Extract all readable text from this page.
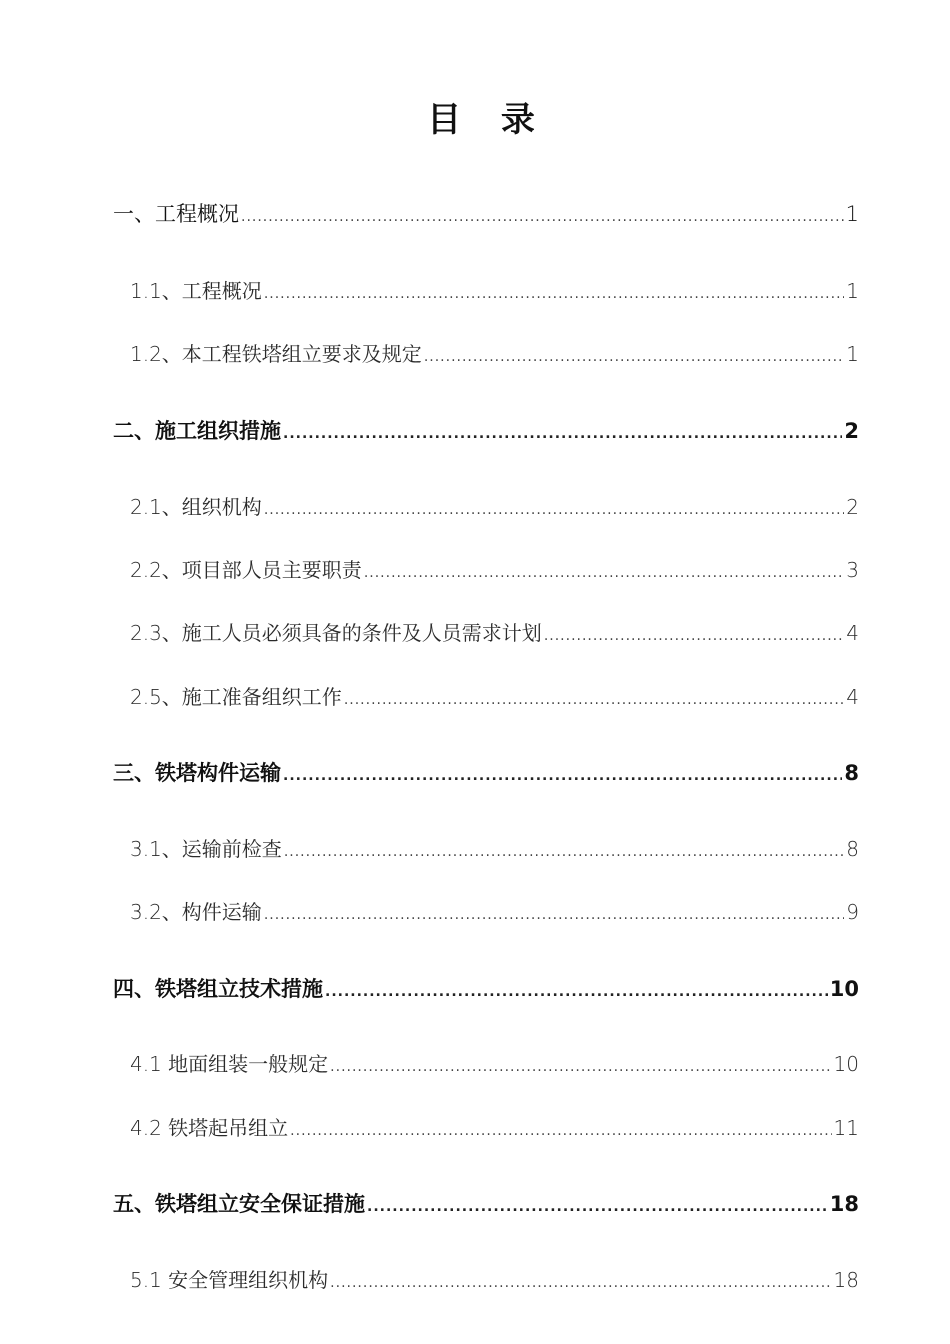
目 录
一、工程概况 .....	1
1.1、工程概况 .....	1
1.2、本工程铁塔组立要求及规定 .....	1
二、施工组织措施 .....	2
2.1、组织机构 .....	2
2.2、项目部人员主要职责 .....	3
2.3、施工人员必须具备的条件及人员需求计划 .....	4
2.5、施工准备组织工作 .....	4
三、铁塔构件运输 .....	8
3.1、运输前检查 .....	8
3.2、构件运输 .....	9
四、铁塔组立技术措施 .....	10
4.1 地面组装一般规定 .....	10
4.2 铁塔起吊组立 .....	11
五、铁塔组立安全保证措施 .....	18
5.1 安全管理组织机构 .....	18
